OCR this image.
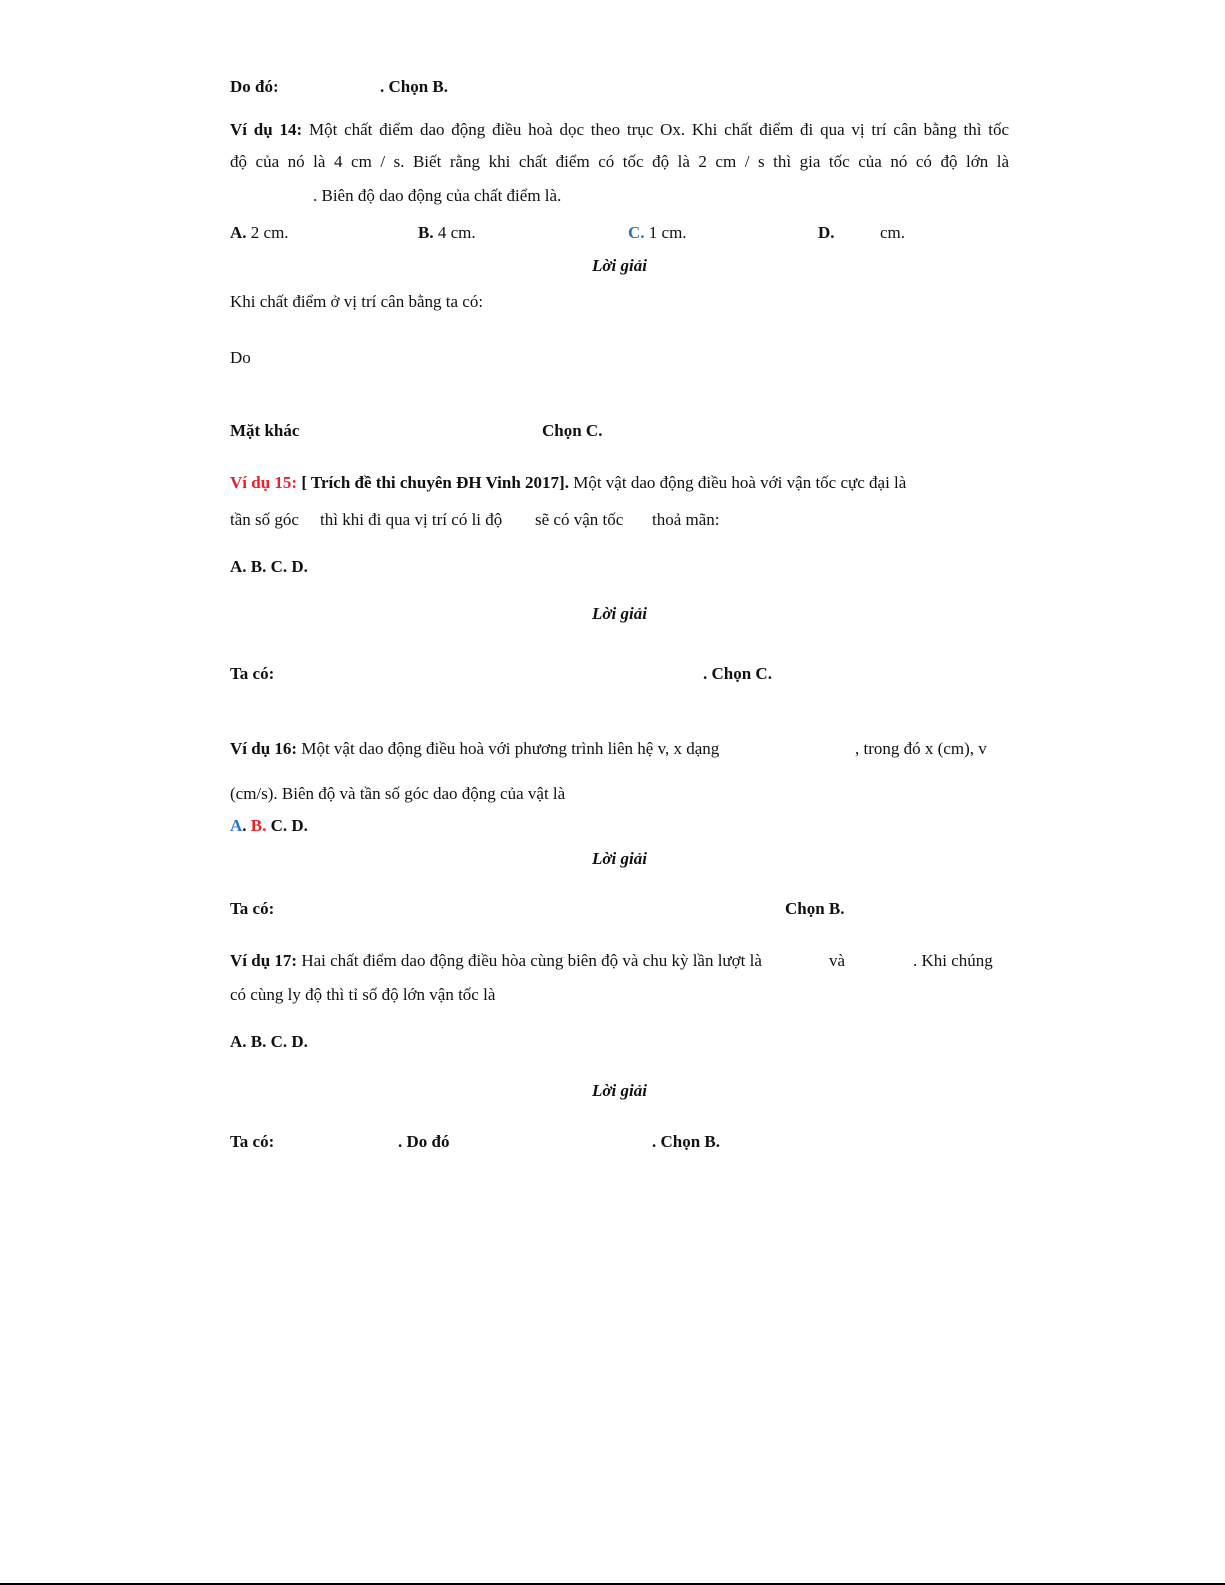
Do đó:	. Chọn B.
Ví dụ 14: Một chất điểm dao động điều hoà dọc theo trục Ox. Khi chất điểm đi qua vị trí cân bằng thì tốc
độ của nó là 4 cm / s. Biết rằng khi chất điểm có tốc độ là 2 cm / s thì gia tốc của nó có độ lớn là
. Biên độ dao động của chất điểm là.
A. 2 cm.	B. 4 cm.	C. 1 cm.	D.	cm.
Lời giải
Khi chất điểm ở vị trí cân bằng ta có:
Do
Mặt khác	Chọn C.
Ví dụ 15: [ Trích đề thi chuyên ĐH Vinh 2017]. Một vật dao động điều hoà với vận tốc cực đại là
tần số góc thì khi đi qua vị trí có li độ sẽ có vận tốc thoả mãn:
A. B. C. D.
Lời giải
Ta có:	. Chọn C.
Ví dụ 16: Một vật dao động điều hoà với phương trình liên hệ v, x dạng	, trong đó x (cm), v
(cm/s). Biên độ và tần số góc dao động của vật là
A. B. C. D.
Lời giải
Ta có:	Chọn B.
Ví dụ 17: Hai chất điểm dao động điều hòa cùng biên độ và chu kỳ lần lượt là	và	. Khi chúng
có cùng ly độ thì tỉ số độ lớn vận tốc là
A. B. C. D.
Lời giải
Ta có:	. Do đó	. Chọn B.
